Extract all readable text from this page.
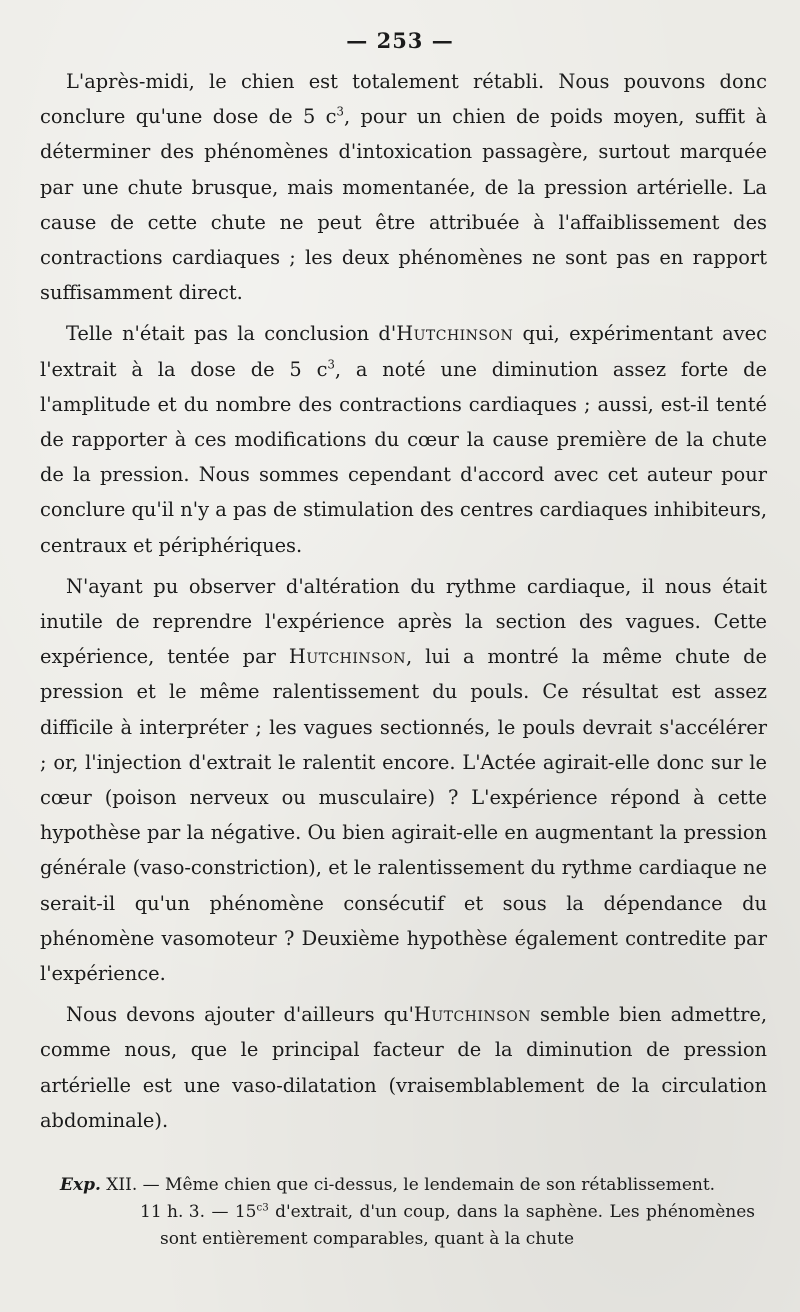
— 253 —

L'après-midi, le chien est totalement rétabli. Nous pouvons donc conclure qu'une dose de 5 $c^3$, pour un chien de poids moyen, suffit à déterminer des phénomènes d'intoxication passagère, surtout marquée par une chute brusque, mais momentanée, de la pression artérielle. La cause de cette chute ne peut être attribuée à l'affaiblissement des contractions cardiaques ; les deux phénomènes ne sont pas en rapport suffisamment direct.

Telle n'était pas la conclusion d'Hutchinson qui, expérimentant avec l'extrait à la dose de 5 $c^3$, a noté une diminution assez forte de l'amplitude et du nombre des contractions cardiaques ; aussi, est-il tenté de rapporter à ces modifications du cœur la cause première de la chute de la pression. Nous sommes cependant d'accord avec cet auteur pour conclure qu'il n'y a pas de stimulation des centres cardiaques inhibiteurs, centraux et périphériques.

N'ayant pu observer d'altération du rythme cardiaque, il nous était inutile de reprendre l'expérience après la section des vagues. Cette expérience, tentée par Hutchinson, lui a montré la même chute de pression et le même ralentissement du pouls. Ce résultat est assez difficile à interpréter ; les vagues sectionnés, le pouls devrait s'accélérer ; or, l'injection d'extrait le ralentit encore. L'Actée agirait-elle donc sur le cœur (poison nerveux ou musculaire) ? L'expérience répond à cette hypothèse par la négative. Ou bien agirait-elle en augmentant la pression générale (vaso-constriction), et le ralentissement du rythme cardiaque ne serait-il qu'un phénomène consécutif et sous la dépendance du phénomène vasomoteur ? Deuxième hypothèse également contredite par l'expérience.

Nous devons ajouter d'ailleurs qu'Hutchinson semble bien admettre, comme nous, que le principal facteur de la diminution de pression artérielle est une vaso-dilatation (vraisemblablement de la circulation abdominale).

Exp. XII. — Même chien que ci-dessus, le lendemain de son rétablissement.

11 h. 3. — $15^{c3}$ d'extrait, d'un coup, dans la saphène. Les phénomènes sont entièrement comparables, quant à la chute
